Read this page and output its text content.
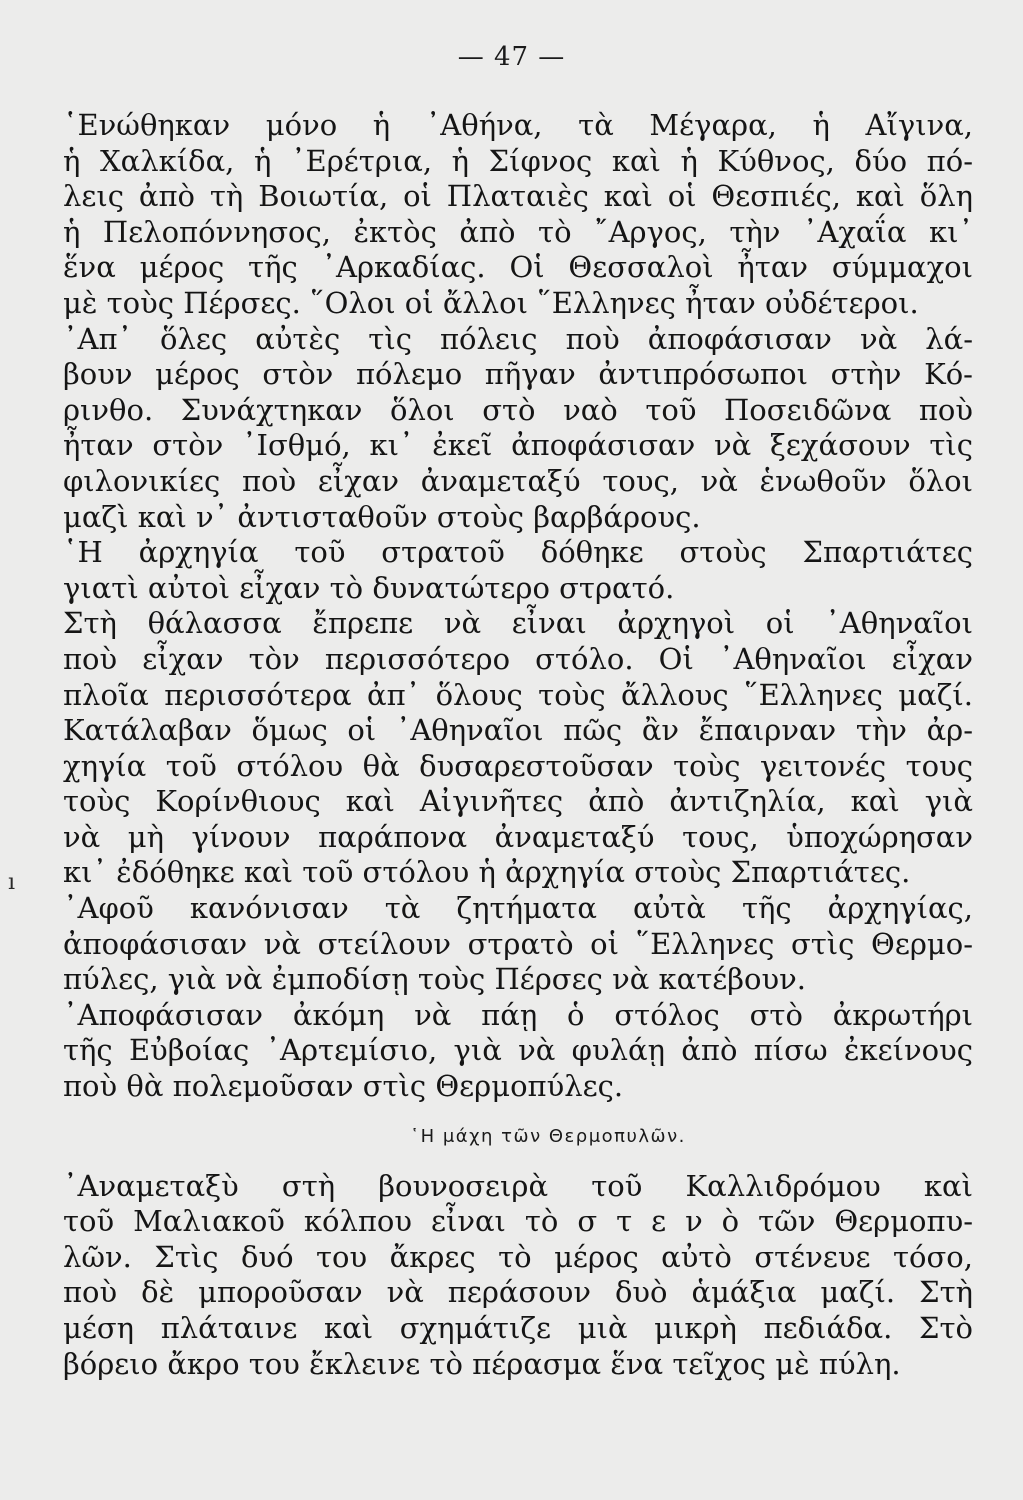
— 47 —
ı
῾Ενώθηκαν μόνο ἡ ᾿Αθήνα, τὰ Μέγαρα, ἡ Αἴγινα,
ἡ Χαλκίδα, ἡ ᾿Ερέτρια, ἡ Σίφνος καὶ ἡ Κύθνος, δύο πό-
λεις ἀπὸ τὴ Βοιωτία, οἱ Πλαταιὲς καὶ οἱ Θεσπιές, καὶ ὅλη
ἡ Πελοπόννησος, ἐκτὸς ἀπὸ τὸ ῎Αργος, τὴν ᾿Αχαΐα κι᾿
ἕνα μέρος τῆς ᾿Αρκαδίας. Οἱ Θεσσαλοὶ ἦταν σύμμαχοι
μὲ τοὺς Πέρσες. ῞Ολοι οἱ ἄλλοι ῞Ελληνες ἦταν οὐδέτεροι.
᾿Απ᾿ ὅλες αὐτὲς τὶς πόλεις ποὺ ἀποφάσισαν νὰ λά-
βουν μέρος στὸν πόλεμο πῆγαν ἀντιπρόσωποι στὴν Κό-
ρινθο. Συνάχτηκαν ὅλοι στὸ ναὸ τοῦ Ποσειδῶνα ποὺ
ἦταν στὸν ᾿Ισθμό, κι᾿ ἐκεῖ ἀποφάσισαν νὰ ξεχάσουν τὶς
φιλονικίες ποὺ εἶχαν ἀναμεταξύ τους, νὰ ἑνωθοῦν ὅλοι
μαζὶ καὶ ν᾿ ἀντισταθοῦν στοὺς βαρβάρους.
῾Η ἀρχηγία τοῦ στρατοῦ δόθηκε στοὺς Σπαρτιάτες
γιατὶ αὐτοὶ εἶχαν τὸ δυνατώτερο στρατό.
Στὴ θάλασσα ἔπρεπε νὰ εἶναι ἀρχηγοὶ οἱ ᾿Αθηναῖοι
ποὺ εἶχαν τὸν περισσότερο στόλο. Οἱ ᾿Αθηναῖοι εἶχαν
πλοῖα περισσότερα ἀπ᾿ ὅλους τοὺς ἄλλους ῞Ελληνες μαζί.
Κατάλαβαν ὅμως οἱ ᾿Αθηναῖοι πῶς ἂν ἔπαιρναν τὴν ἀρ-
χηγία τοῦ στόλου θὰ δυσαρεστοῦσαν τοὺς γειτονές τους
τοὺς Κορίνθιους καὶ Αἰγινῆτες ἀπὸ ἀντιζηλία, καὶ γιὰ
νὰ μὴ γίνουν παράπονα ἀναμεταξύ τους, ὑποχώρησαν
κι᾿ ἐδόθηκε καὶ τοῦ στόλου ἡ ἀρχηγία στοὺς Σπαρτιάτες.
᾿Αφοῦ κανόνισαν τὰ ζητήματα αὐτὰ τῆς ἀρχηγίας,
ἀποφάσισαν νὰ στείλουν στρατὸ οἱ ῞Ελληνες στὶς Θερμο-
πύλες, γιὰ νὰ ἐμποδίσῃ τοὺς Πέρσες νὰ κατέβουν.
᾿Αποφάσισαν ἀκόμη νὰ πάῃ ὁ στόλος στὸ ἀκρωτήρι
τῆς Εὐβοίας ᾿Αρτεμίσιο, γιὰ νὰ φυλάῃ ἀπὸ πίσω ἐκείνους
ποὺ θὰ πολεμοῦσαν στὶς Θερμοπύλες.
῾Η μάχη τῶν Θερμοπυλῶν.
᾿Αναμεταξὺ στὴ βουνοσειρὰ τοῦ Καλλιδρόμου καὶ
τοῦ Μαλιακοῦ κόλπου εἶναι τὸ σ τ ε ν ὸ τῶν Θερμοπυ-
λῶν. Στὶς δυό του ἄκρες τὸ μέρος αὐτὸ στένευε τόσο,
ποὺ δὲ μποροῦσαν νὰ περάσουν δυὸ ἁμάξια μαζί. Στὴ
μέση πλάταινε καὶ σχημάτιζε μιὰ μικρὴ πεδιάδα. Στὸ
βόρειο ἄκρο του ἔκλεινε τὸ πέρασμα ἕνα τεῖχος μὲ πύλη.
